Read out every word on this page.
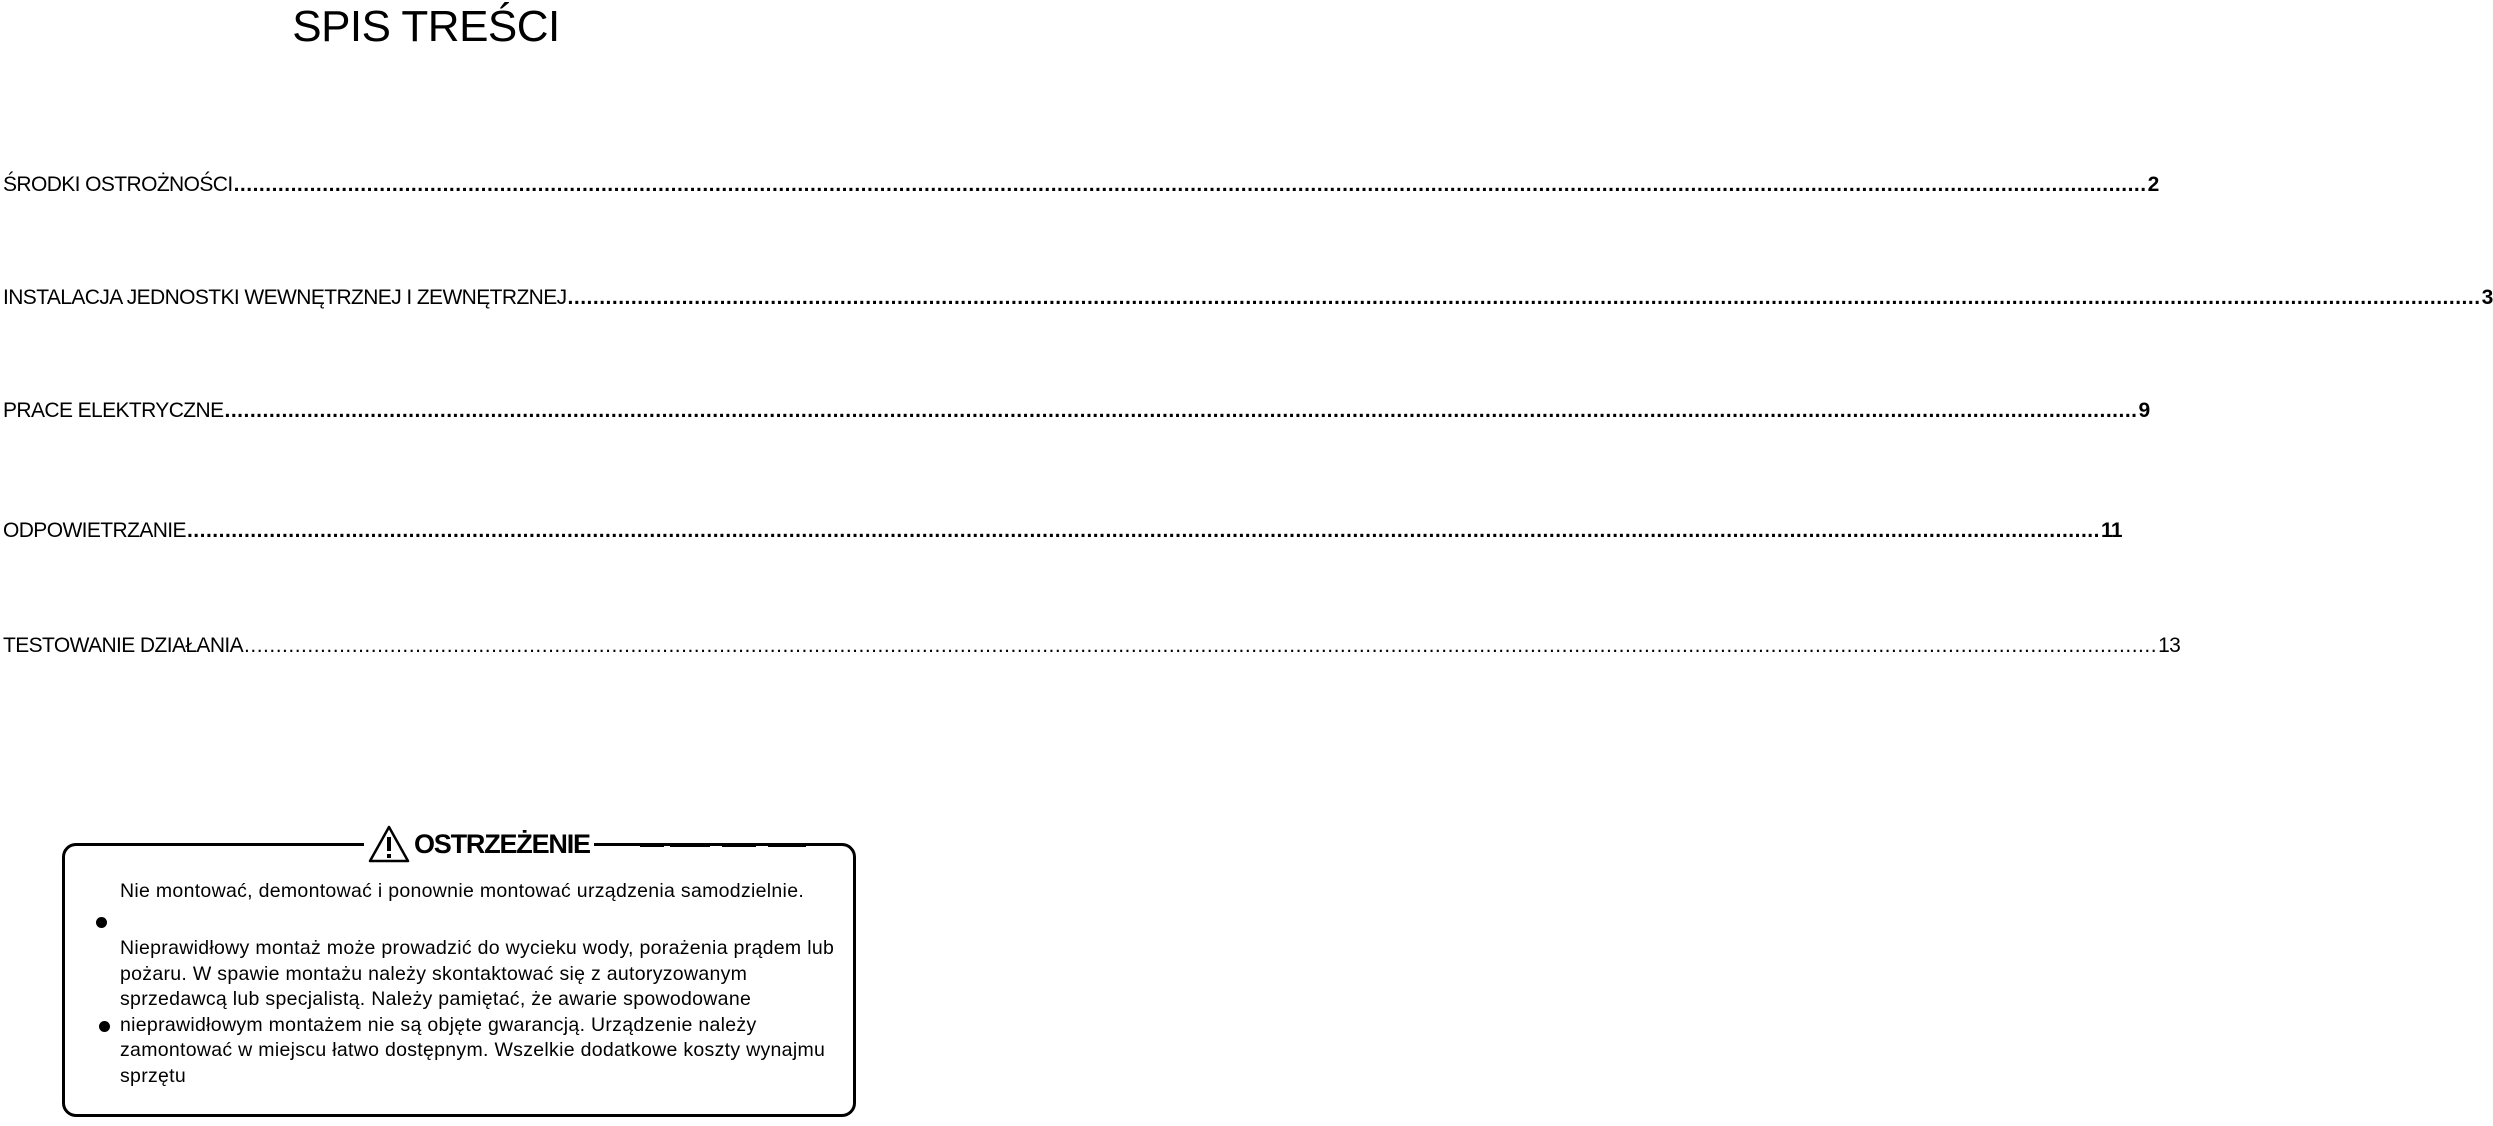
SPIS TREŚCI
ŚRODKI OSTROŻNOŚCI .....	2
INSTALACJA JEDNOSTKI WEWNĘTRZNEJ I ZEWNĘTRZNEJ .....	3
PRACE ELEKTRYCZNE .....	9
ODPOWIETRZANIE .....	11
TESTOWANIE DZIAŁANIA .....	13
OSTRZEŻENIE
Nie montować, demontować i ponownie montować urządzenia samodzielnie.
Nieprawidłowy montaż może prowadzić do wycieku wody, porażenia prądem lub pożaru. W spawie montażu należy skontaktować się z autoryzowanym sprzedawcą lub specjalistą. Należy pamiętać, że awarie spowodowane nieprawidłowym montażem nie są objęte gwarancją. Urządzenie należy zamontować w miejscu łatwo dostępnym. Wszelkie dodatkowe koszty wynajmu sprzętu
